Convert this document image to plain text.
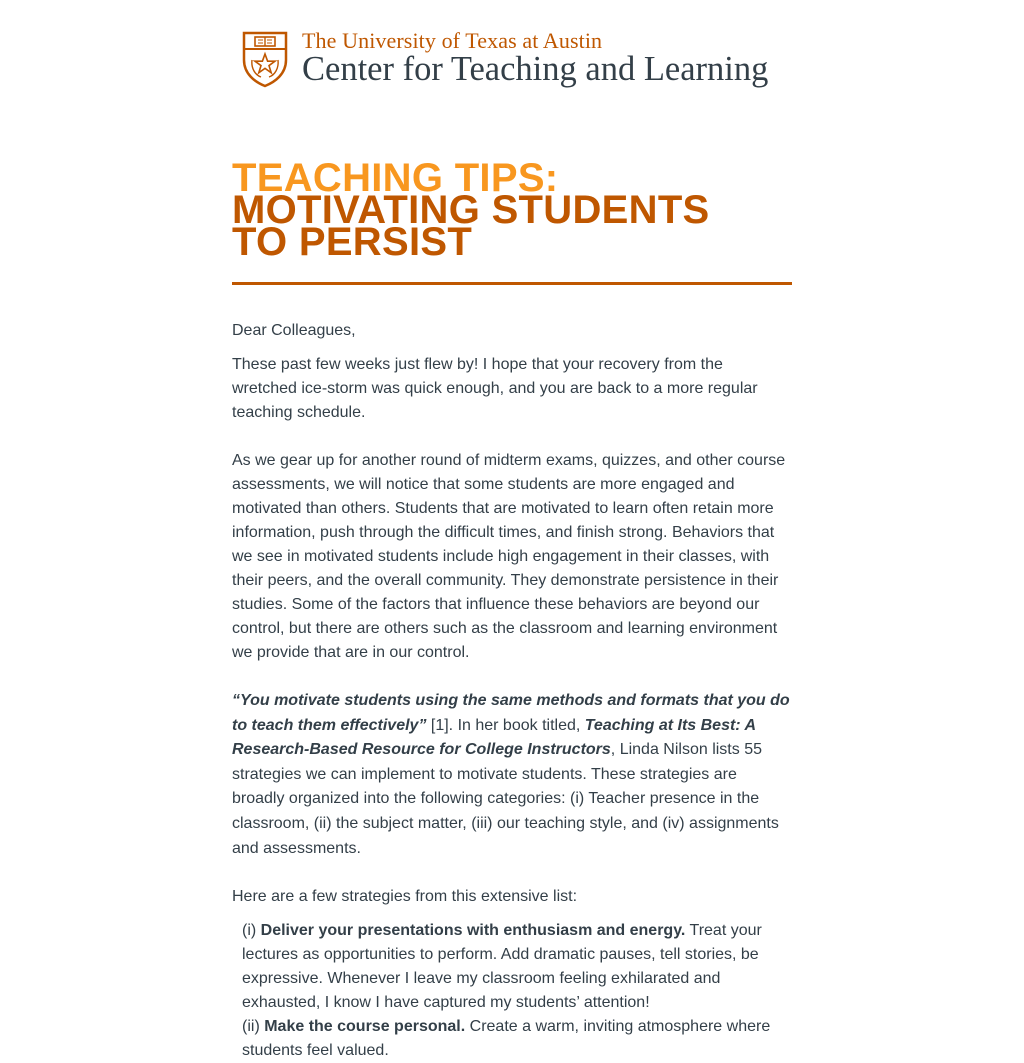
The University of Texas at Austin
Center for Teaching and Learning
TEACHING TIPS:
MOTIVATING STUDENTS
TO PERSIST
Dear Colleagues,
These past few weeks just flew by! I hope that your recovery from the wretched ice-storm was quick enough, and you are back to a more regular teaching schedule.
As we gear up for another round of midterm exams, quizzes, and other course assessments, we will notice that some students are more engaged and motivated than others. Students that are motivated to learn often retain more information, push through the difficult times, and finish strong. Behaviors that we see in motivated students include high engagement in their classes, with their peers, and the overall community. They demonstrate persistence in their studies. Some of the factors that influence these behaviors are beyond our control, but there are others such as the classroom and learning environment we provide that are in our control.
“You motivate students using the same methods and formats that you do to teach them effectively” [1]. In her book titled, Teaching at Its Best: A Research-Based Resource for College Instructors, Linda Nilson lists 55 strategies we can implement to motivate students. These strategies are broadly organized into the following categories: (i) Teacher presence in the classroom, (ii) the subject matter, (iii) our teaching style, and (iv) assignments and assessments.
Here are a few strategies from this extensive list:
(i) Deliver your presentations with enthusiasm and energy. Treat your lectures as opportunities to perform. Add dramatic pauses, tell stories, be expressive. Whenever I leave my classroom feeling exhilarated and exhausted, I know I have captured my students’ attention!
(ii) Make the course personal. Create a warm, inviting atmosphere where students feel valued.
